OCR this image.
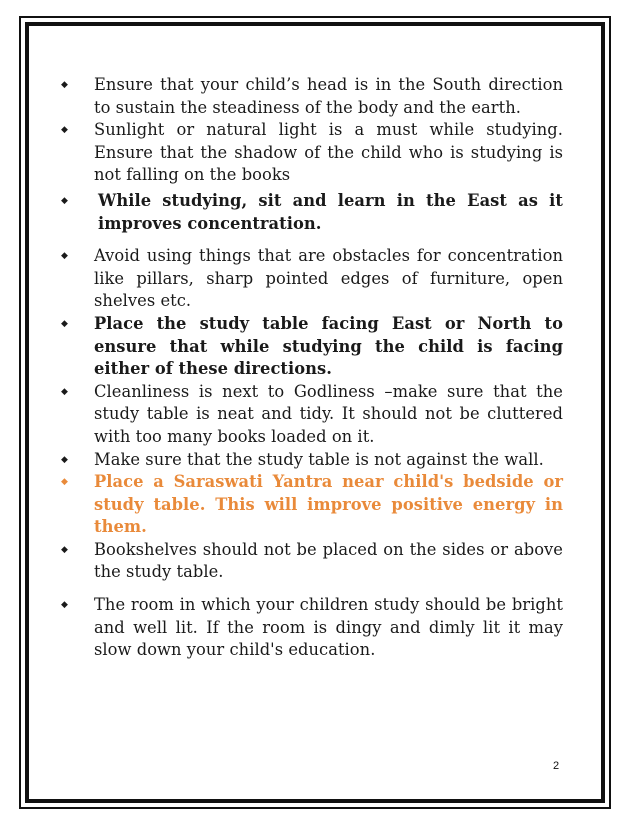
◆	Ensure that your child’s head is in the South direction to sustain the steadiness of the body and the earth.
◆	Sunlight or natural light is a must while studying. Ensure that the shadow of the child who is studying is not falling on the books
◆	While studying, sit and learn in the East as it improves concentration.
◆	Avoid using things that are obstacles for concentration like pillars, sharp pointed edges of furniture, open shelves etc.
◆	Place the study table facing East or North to ensure that while studying the child is facing either of these directions.
◆	Cleanliness is next to Godliness –make sure that the study table is neat and tidy. It should not be cluttered with too many books loaded on it.
◆	Make sure that the study table is not against the wall.
◆	Place a Saraswati Yantra near child's bedside or study table. This will improve positive energy in them.
◆	Bookshelves should not be placed on the sides or above the study table.
◆	The room in which your children study should be bright and well lit. If the room is dingy and dimly lit it may slow down your child's education.
2
